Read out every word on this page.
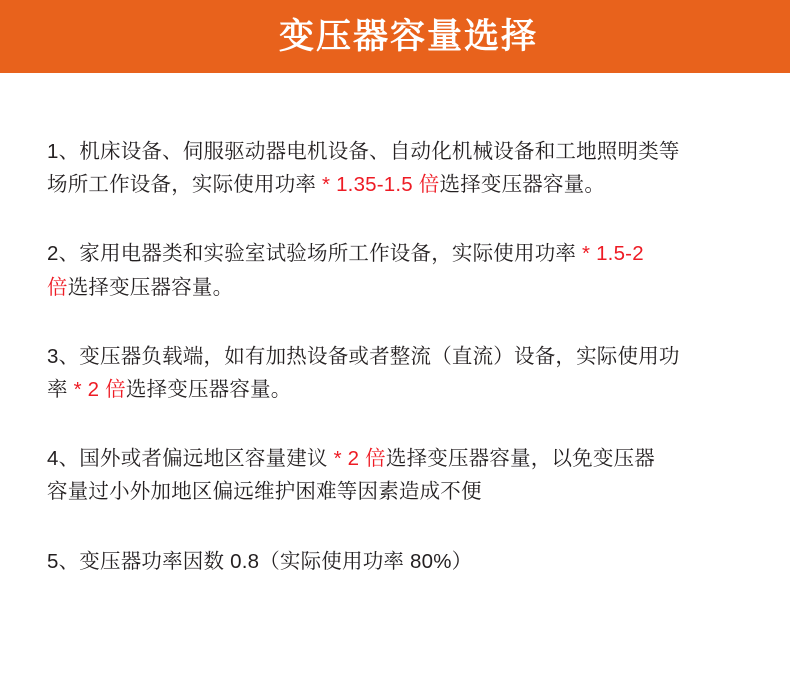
变压器容量选择

1、机床设备、伺服驱动器电机设备、自动化机械设备和工地照明类等
场所工作设备，实际使用功率 * 1.35-1.5 倍选择变压器容量。

2、家用电器类和实验室试验场所工作设备，实际使用功率 * 1.5-2
倍选择变压器容量。

3、变压器负载端，如有加热设备或者整流（直流）设备，实际使用功
率 * 2 倍选择变压器容量。

4、国外或者偏远地区容量建议 * 2 倍选择变压器容量，以免变压器
容量过小外加地区偏远维护困难等因素造成不便

5、变压器功率因数 0.8（实际使用功率 80%）
